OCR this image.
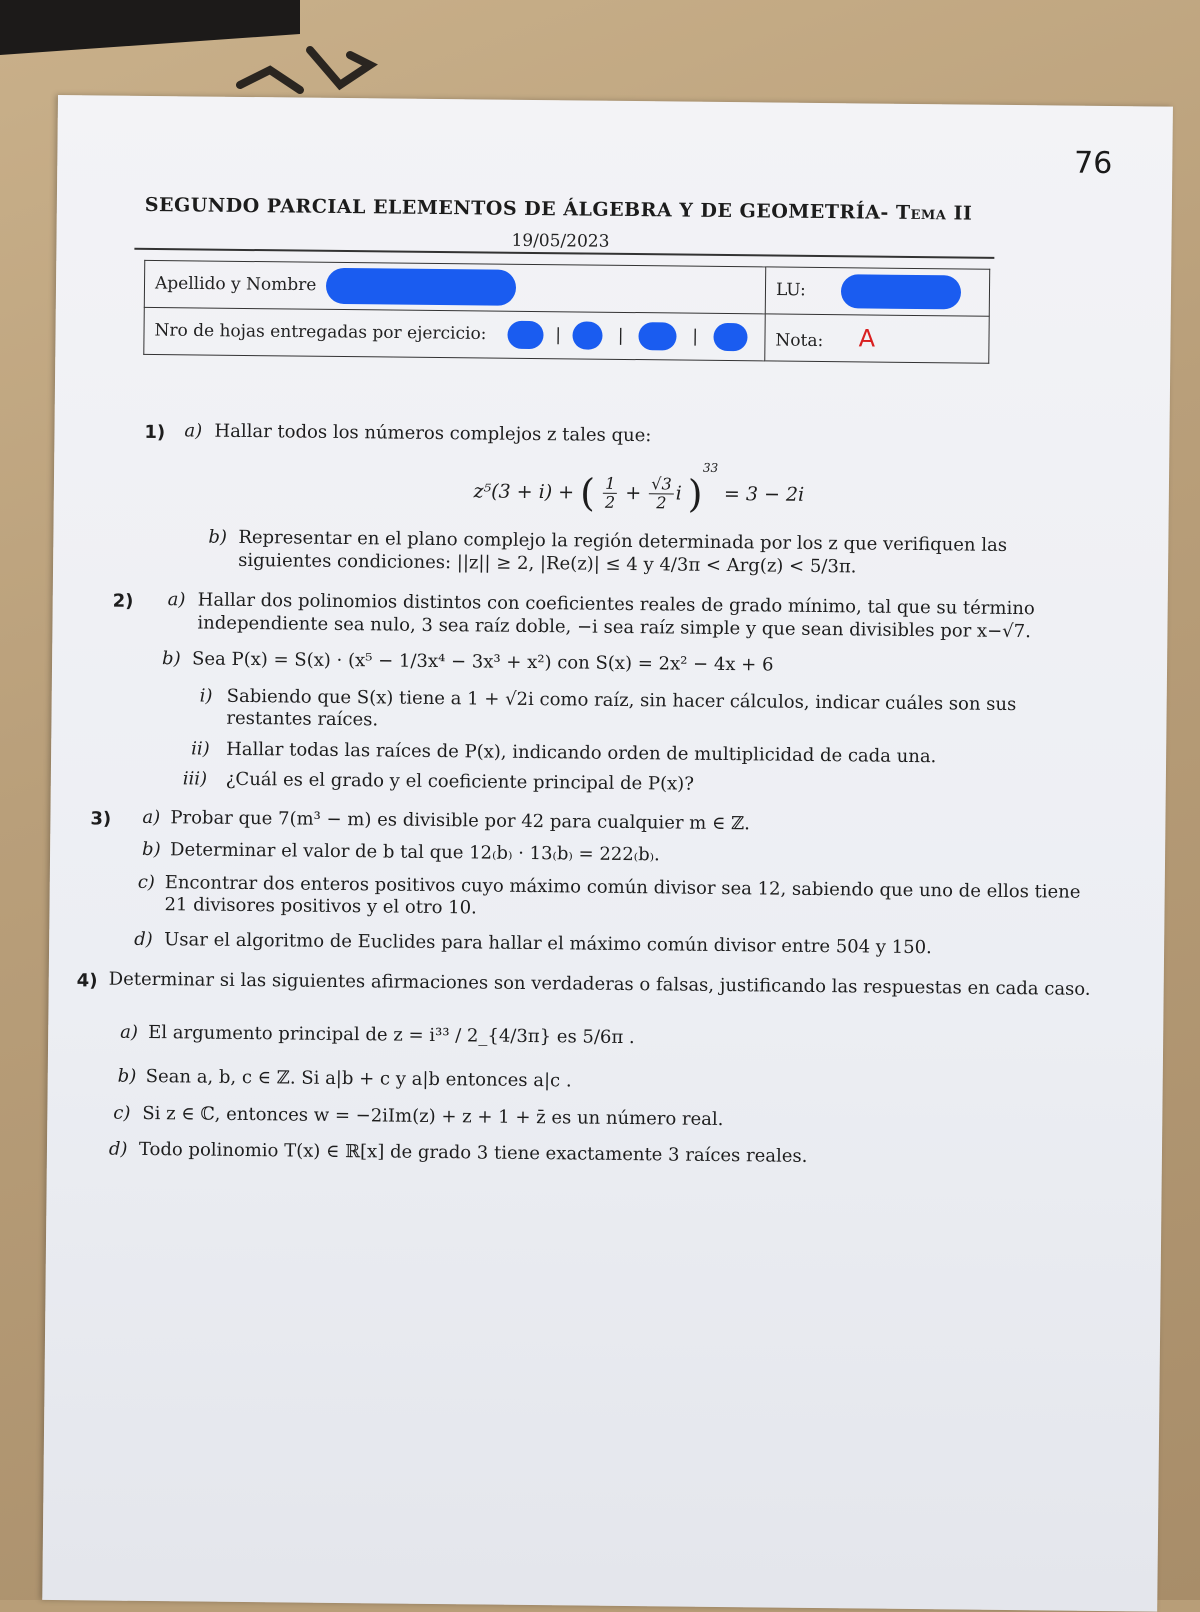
76
SEGUNDO PARCIAL ELEMENTOS DE ÁLGEBRA Y DE GEOMETRÍA- Tema II
19/05/2023
Apellido y Nombre	LU:
Nro de hojas entregadas por ejercicio: | | |	Nota: A
1) a) Hallar todos los números complejos z tales que:
z⁵(3 + i) + ( $\frac{1}{2} + \frac{√3}{2}$ i )$^{33}$ = 3 − 2i
b) Representar en el plano complejo la región determinada por los z que verifiquen las siguientes condiciones: ||z|| ≥ 2, |Re(z)| ≤ 4 y 4/3π < Arg(z) < 5/3π.
2) a) Hallar dos polinomios distintos con coeficientes reales de grado mínimo, tal que su término independiente sea nulo, 3 sea raíz doble, −i sea raíz simple y que sean divisibles por x−√7.
b) Sea P(x) = S(x) · (x⁵ − 1/3x⁴ − 3x³ + x²) con S(x) = 2x² − 4x + 6
i) Sabiendo que S(x) tiene a 1 + √2i como raíz, sin hacer cálculos, indicar cuáles son sus restantes raíces.
ii) Hallar todas las raíces de P(x), indicando orden de multiplicidad de cada una.
iii) ¿Cuál es el grado y el coeficiente principal de P(x)?
3) a) Probar que 7(m³ − m) es divisible por 42 para cualquier m ∈ ℤ.
b) Determinar el valor de b tal que 12₍b₎ · 13₍b₎ = 222₍b₎.
c) Encontrar dos enteros positivos cuyo máximo común divisor sea 12, sabiendo que uno de ellos tiene 21 divisores positivos y el otro 10.
d) Usar el algoritmo de Euclides para hallar el máximo común divisor entre 504 y 150.
4) Determinar si las siguientes afirmaciones son verdaderas o falsas, justificando las respuestas en cada caso.
a) El argumento principal de z = i³³ / 2_{4/3π} es 5/6π .
b) Sean a, b, c ∈ ℤ. Si a|b + c y a|b entonces a|c .
c) Si z ∈ ℂ, entonces w = −2iIm(z) + z + 1 + z̄ es un número real.
d) Todo polinomio T(x) ∈ ℝ[x] de grado 3 tiene exactamente 3 raíces reales.
